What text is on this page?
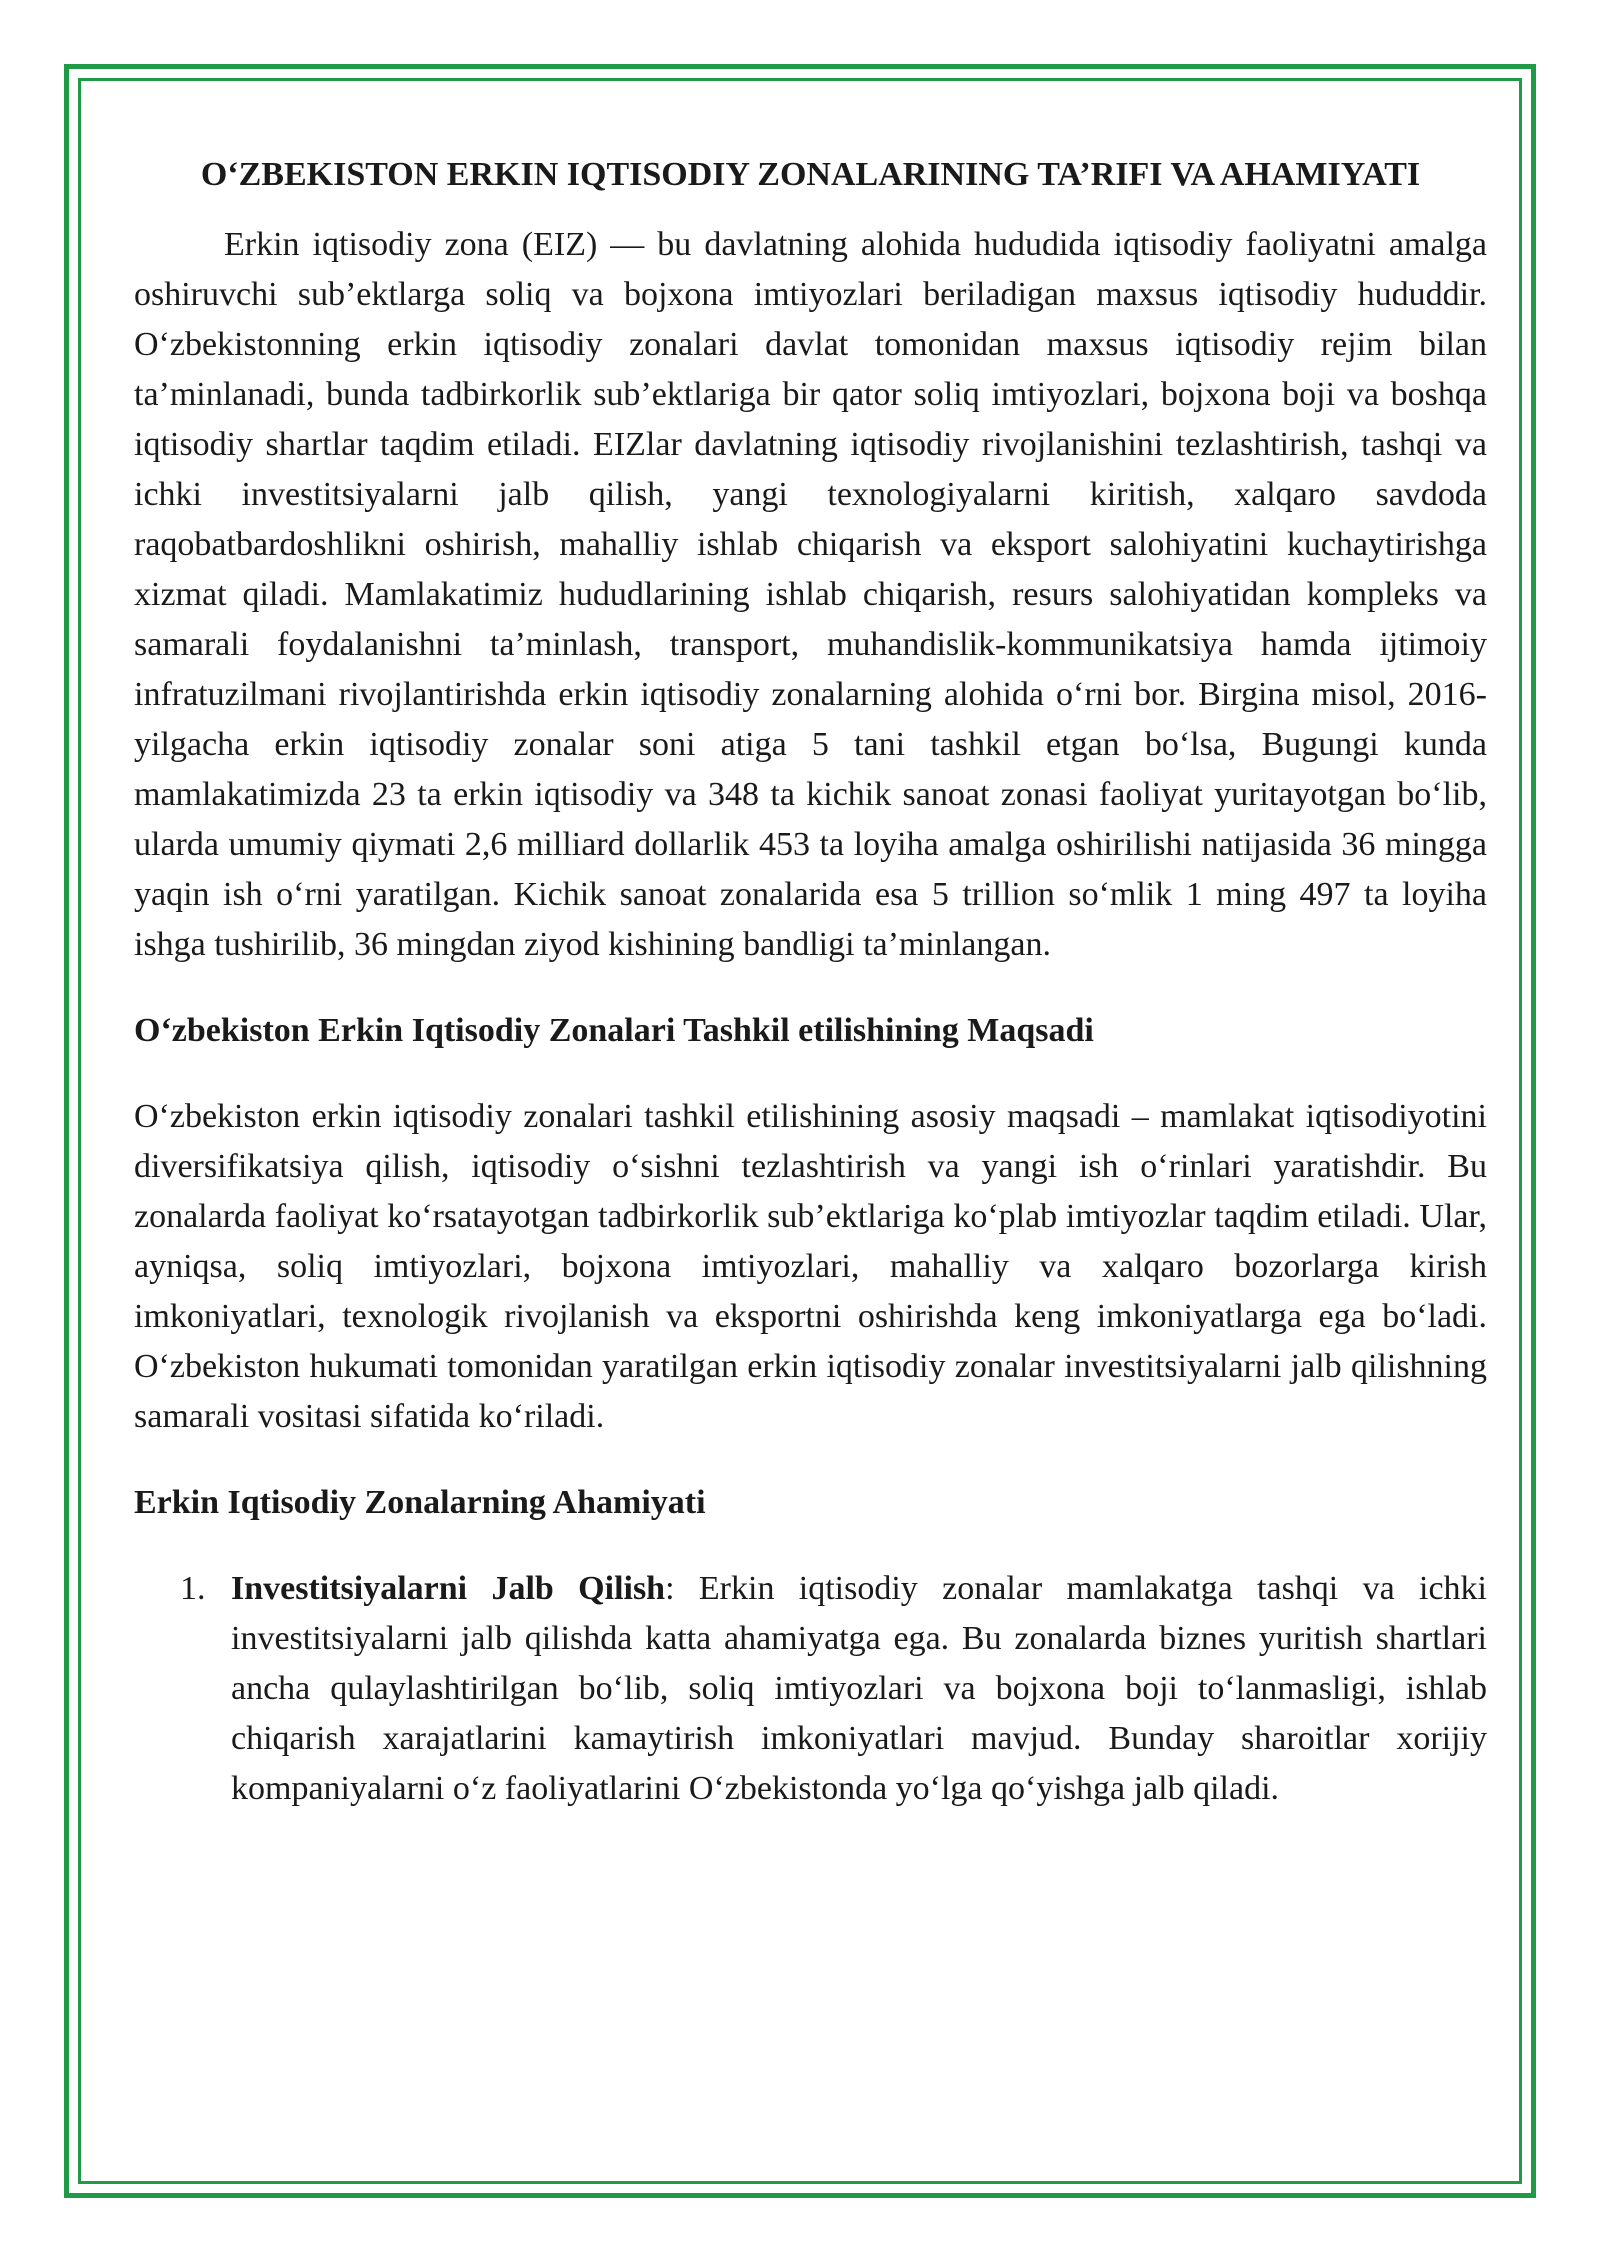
O‘ZBEKISTON ERKIN IQTISODIY ZONALARINING TA’RIFI VA AHAMIYATI

Erkin iqtisodiy zona (EIZ) — bu davlatning alohida hududida iqtisodiy faoliyatni amalga oshiruvchi sub’ektlarga soliq va bojxona imtiyozlari beriladigan maxsus iqtisodiy hududdir. O‘zbekistonning erkin iqtisodiy zonalari davlat tomonidan maxsus iqtisodiy rejim bilan ta’minlanadi, bunda tadbirkorlik sub’ektlariga bir qator soliq imtiyozlari, bojxona boji va boshqa iqtisodiy shartlar taqdim etiladi. EIZlar davlatning iqtisodiy rivojlanishini tezlashtirish, tashqi va ichki investitsiyalarni jalb qilish, yangi texnologiyalarni kiritish, xalqaro savdoda raqobatbardoshlikni oshirish, mahalliy ishlab chiqarish va eksport salohiyatini kuchaytirishga xizmat qiladi. Mamlakatimiz hududlarining ishlab chiqarish, resurs salohiyatidan kompleks va samarali foydalanishni ta’minlash, transport, muhandislik-kommunikatsiya hamda ijtimoiy infratuzilmani rivojlantirishda erkin iqtisodiy zonalarning alohida o‘rni bor. Birgina misol, 2016-yilgacha erkin iqtisodiy zonalar soni atiga 5 tani tashkil etgan bo‘lsa, Bugungi kunda mamlakatimizda 23 ta erkin iqtisodiy va 348 ta kichik sanoat zonasi faoliyat yuritayotgan bo‘lib, ularda umumiy qiymati 2,6 milliard dollarlik 453 ta loyiha amalga oshirilishi natijasida 36 mingga yaqin ish o‘rni yaratilgan. Kichik sanoat zonalarida esa 5 trillion so‘mlik 1 ming 497 ta loyiha ishga tushirilib, 36 mingdan ziyod kishining bandligi ta’minlangan.

O‘zbekiston Erkin Iqtisodiy Zonalari Tashkil etilishining Maqsadi

O‘zbekiston erkin iqtisodiy zonalari tashkil etilishining asosiy maqsadi – mamlakat iqtisodiyotini diversifikatsiya qilish, iqtisodiy o‘sishni tezlashtirish va yangi ish o‘rinlari yaratishdir. Bu zonalarda faoliyat ko‘rsatayotgan tadbirkorlik sub’ektlariga ko‘plab imtiyozlar taqdim etiladi. Ular, ayniqsa, soliq imtiyozlari, bojxona imtiyozlari, mahalliy va xalqaro bozorlarga kirish imkoniyatlari, texnologik rivojlanish va eksportni oshirishda keng imkoniyatlarga ega bo‘ladi. O‘zbekiston hukumati tomonidan yaratilgan erkin iqtisodiy zonalar investitsiyalarni jalb qilishning samarali vositasi sifatida ko‘riladi.

Erkin Iqtisodiy Zonalarning Ahamiyati

1. Investitsiyalarni Jalb Qilish: Erkin iqtisodiy zonalar mamlakatga tashqi va ichki investitsiyalarni jalb qilishda katta ahamiyatga ega. Bu zonalarda biznes yuritish shartlari ancha qulaylashtirilgan bo‘lib, soliq imtiyozlari va bojxona boji to‘lanmasligi, ishlab chiqarish xarajatlarini kamaytirish imkoniyatlari mavjud. Bunday sharoitlar xorijiy kompaniyalarni o‘z faoliyatlarini O‘zbekistonda yo‘lga qo‘yishga jalb qiladi.
